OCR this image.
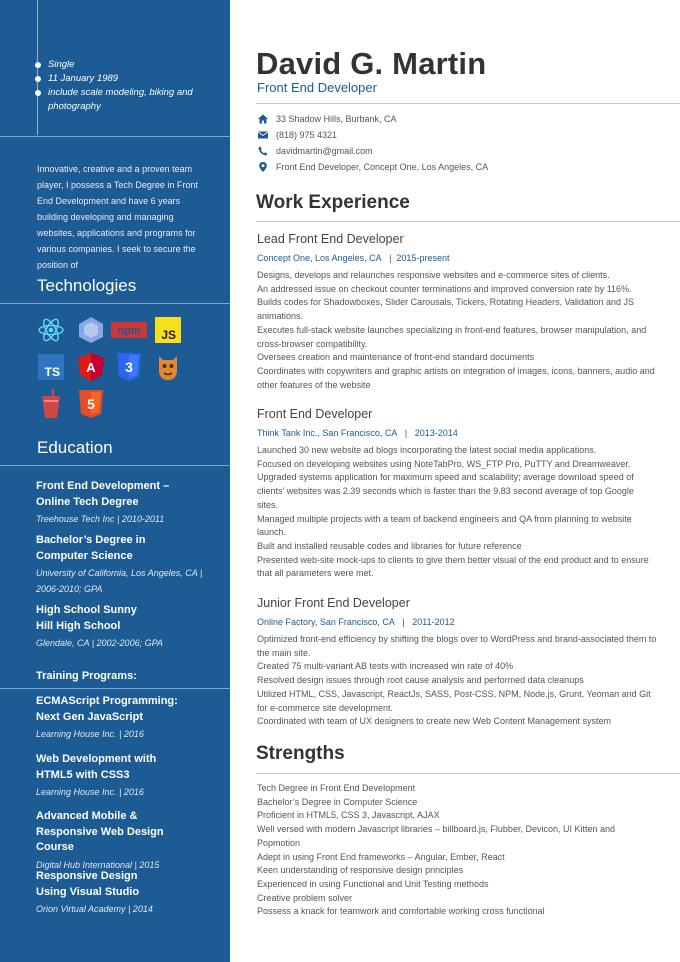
Single
11 January 1989
include scale modeling, biking and photography

Innovative, creative and a proven team player, I possess a Tech Degree in Front End Development and have 6 years building developing and managing websites, applications and programs for various companies. I seek to secure the position of

Technologies
npm JS
TS A 3
5
Education
Front End Development – Online Tech Degree
Treehouse Tech Inc | 2010-2011
Bachelor’s Degree in Computer Science
University of California, Los Angeles, CA | 2006-2010; GPA
High School Sunny Hill High School
Glendale, CA | 2002-2006; GPA
Training Programs:
ECMAScript Programming: Next Gen JavaScript
Learning House Inc. | 2016
Web Development with HTML5 with CSS3
Learning House Inc. | 2016
Advanced Mobile & Responsive Web Design Course
Digital Hub International | 2015
Responsive Design Using Visual Studio
Orion Virtual Academy | 2014
David G. Martin
Front End Developer
33 Shadow Hills, Burbank, CA
(818) 975 4321
davidmartin@gmail.com
Front End Developer, Concept One, Los Angeles, CA
Work Experience
Lead Front End Developer
Concept One, Los Angeles, CA   |  2015-present

Designs, develops and relaunches responsive websites and e-commerce sites of clients.

An addressed issue on checkout counter terminations and improved conversion rate by 116%.

Builds codes for Shadowboxes, Slider Carousals, Tickers, Rotating Headers, Validation and JS animations.

Executes full-stack website launches specializing in front-end features, browser manipulation, and cross-browser compatibility.

Oversees creation and maintenance of front-end standard documents

Coordinates with copywriters and graphic artists on integration of images, icons, banners, audio and other features of the website

Front End Developer
Think Tank Inc., San Francisco, CA   |   2013-2014

Launched 30 new website ad blogs incorporating the latest social media applications.

Focused on developing websites using NoteTabPro, WS_FTP Pro, PuTTY and Dreamweaver.

Upgraded systems application for maximum speed and scalability; average download speed of clients’ websites was 2.39 seconds which is faster than the 9.83 second average of top Google sites.

Managed multiple projects with a team of backend engineers and QA from planning to website launch.

Built and installed reusable codes and libraries for future reference

Presented web-site mock-ups to clients to give them better visual of the end product and to ensure that all parameters were met.

Junior Front End Developer
Online Factory, San Francisco, CA   |   2011-2012

Optimized front-end efficiency by shifting the blogs over to WordPress and brand-associated them to the main site.

Created 75 multi-variant AB tests with increased win rate of 40%

Resolved design issues through root cause analysis and performed data cleanups

Utilized HTML, CSS, Javascript, ReactJs, SASS, Post-CSS, NPM, Node.js, Grunt, Yeoman and Git for e-commerce site development.

Coordinated with team of UX designers to create new Web Content Management system

Strengths

Tech Degree in Front End Development

Bachelor’s Degree in Computer Science

Proficient in HTML5, CSS 3, Javascript, AJAX

Well versed with modern Javascript libraries – billboard.js, Flubber, Devicon, UI Kitten and Popmotion

Adept in using Front End frameworks – Angular, Ember, React

Keen understanding of responsive design principles

Experienced in using Functional and Unit Testing methods

Creative problem solver

Possess a knack for teamwork and comfortable working cross functional
